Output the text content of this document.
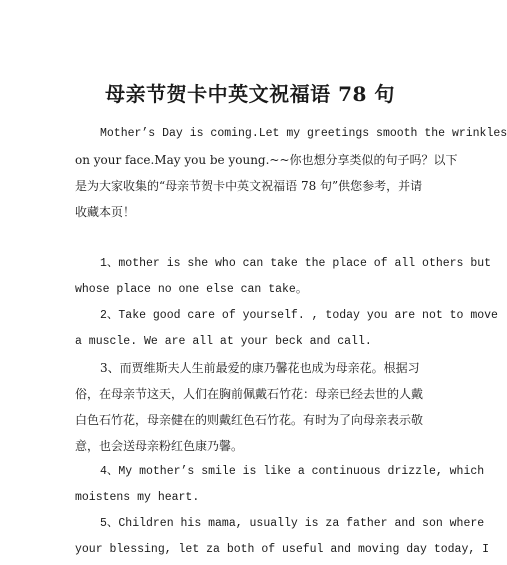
母亲节贺卡中英文祝福语 78 句

Mother’s Day is coming.Let my greetings smooth the wrinkles
on your face.May you be young.~~你也想分享类似的句子吗？以下
是为大家收集的“母亲节贺卡中英文祝福语 78 句”供您参考，并请
收藏本页！

1、mother is she who can take the place of all others but
whose place no one else can take。

2、Take good care of yourself. , today you are not to move
a muscle. We are all at your beck and call.

3、而贾维斯夫人生前最爱的康乃馨花也成为母亲花。根据习
俗，在母亲节这天，人们在胸前佩戴石竹花：母亲已经去世的人戴
白色石竹花，母亲健在的则戴红色石竹花。有时为了向母亲表示敬
意，也会送母亲粉红色康乃馨。

4、My mother’s smile is like a continuous drizzle, which
moistens my heart.

5、Children his mama, usually is za father and son where
your blessing, let za both of useful and moving day today, I
